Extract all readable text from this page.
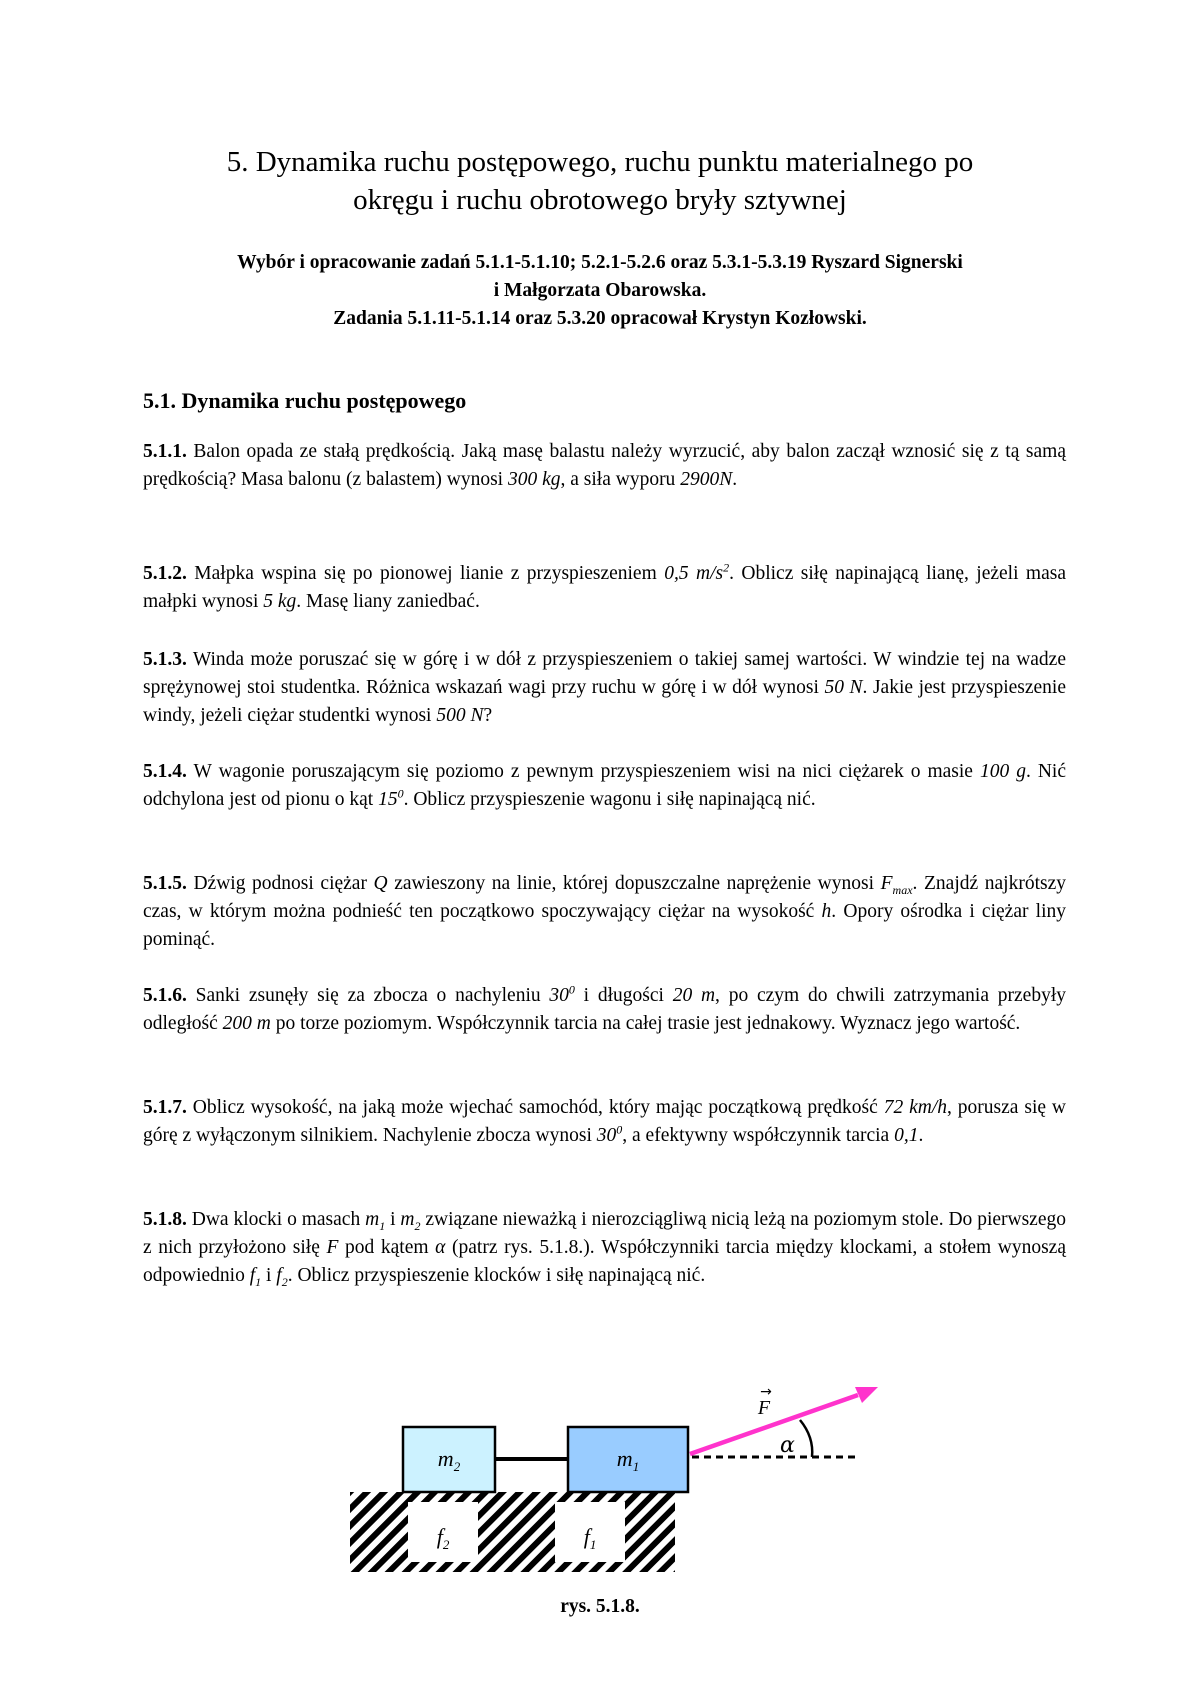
5. Dynamika ruchu postępowego, ruchu punktu materialnego po
okręgu i ruchu obrotowego bryły sztywnej
Wybór i opracowanie zadań 5.1.1-5.1.10; 5.2.1-5.2.6 oraz 5.3.1-5.3.19 Ryszard Signerski
i Małgorzata Obarowska.
Zadania 5.1.11-5.1.14 oraz 5.3.20 opracował Krystyn Kozłowski.
5.1. Dynamika ruchu postępowego
5.1.1. Balon opada ze stałą prędkością. Jaką masę balastu należy wyrzucić, aby balon zaczął wznosić się z tą samą prędkością? Masa balonu (z balastem) wynosi 300 kg, a siła wyporu 2900N.
5.1.2. Małpka wspina się po pionowej lianie z przyspieszeniem 0,5 $m/s^2$. Oblicz siłę napinającą lianę, jeżeli masa małpki wynosi 5 kg. Masę liany zaniedbać.
5.1.3. Winda może poruszać się w górę i w dół z przyspieszeniem o takiej samej wartości. W windzie tej na wadze sprężynowej stoi studentka. Różnica wskazań wagi przy ruchu w górę i w dół wynosi 50 N. Jakie jest przyspieszenie windy, jeżeli ciężar studentki wynosi 500 N?
5.1.4. W wagonie poruszającym się poziomo z pewnym przyspieszeniem wisi na nici ciężarek o masie 100 g. Nić odchylona jest od pionu o kąt $15^0$. Oblicz przyspieszenie wagonu i siłę napinającą nić.
5.1.5. Dźwig podnosi ciężar Q zawieszony na linie, której dopuszczalne naprężenie wynosi $F_{max}$. Znajdź najkrótszy czas, w którym można podnieść ten początkowo spoczywający ciężar na wysokość h. Opory ośrodka i ciężar liny pominąć.
5.1.6. Sanki zsunęły się za zbocza o nachyleniu $30^0$ i długości 20 m, po czym do chwili zatrzymania przebyły odległość 200 m po torze poziomym. Współczynnik tarcia na całej trasie jest jednakowy. Wyznacz jego wartość.
5.1.7. Oblicz wysokość, na jaką może wjechać samochód, który mając początkową prędkość 72 km/h, porusza się w górę z wyłączonym silnikiem. Nachylenie zbocza wynosi $30^0$, a efektywny współczynnik tarcia 0,1.
5.1.8. Dwa klocki o masach $m_1$ i $m_2$ związane nieważką i nierozciągliwą nicią leżą na poziomym stole. Do pierwszego z nich przyłożono siłę F pod kątem α (patrz rys. 5.1.8.). Współczynniki tarcia między klockami, a stołem wynoszą odpowiednio $f_1$ i $f_2$. Oblicz przyspieszenie klocków i siłę napinającą nić.
$f_2$	$f_1$
$m_2$	$m_1$
α
F
→
rys. 5.1.8.
